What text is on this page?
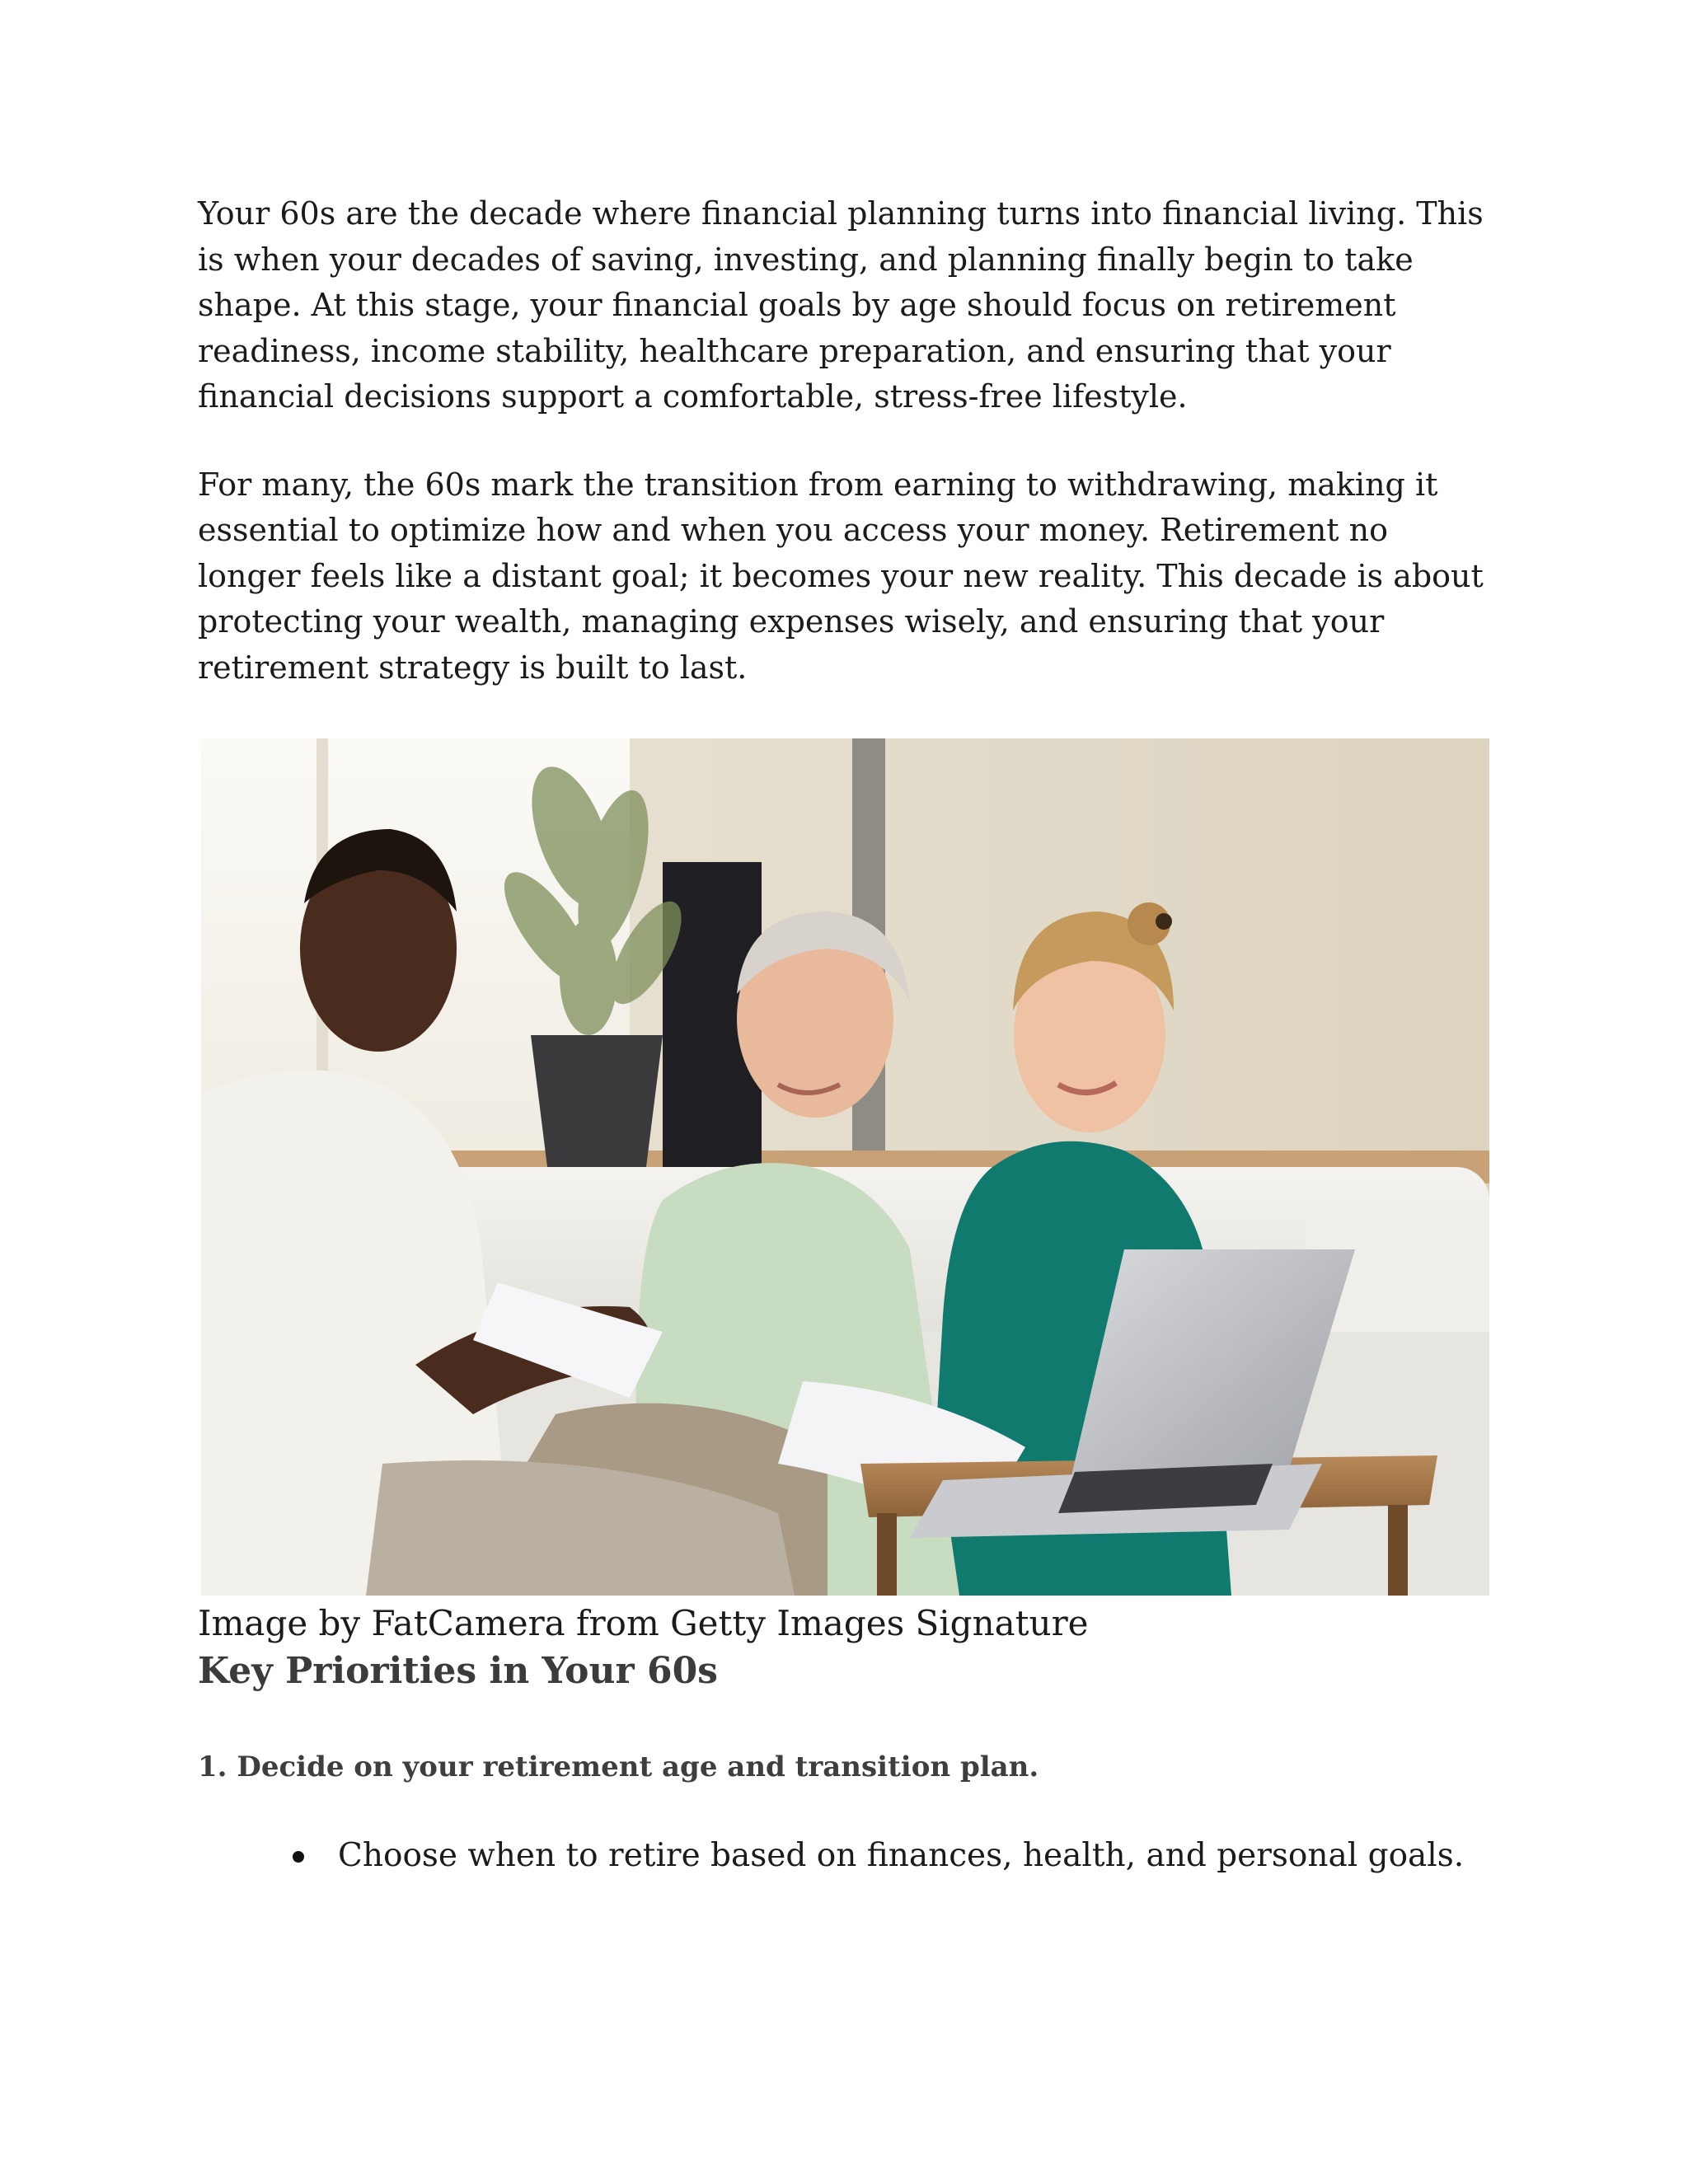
Your 60s are the decade where financial planning turns into financial living. This is when your decades of saving, investing, and planning finally begin to take shape. At this stage, your financial goals by age should focus on retirement readiness, income stability, healthcare preparation, and ensuring that your financial decisions support a comfortable, stress-free lifestyle.

For many, the 60s mark the transition from earning to withdrawing, making it essential to optimize how and when you access your money. Retirement no longer feels like a distant goal; it becomes your new reality. This decade is about protecting your wealth, managing expenses wisely, and ensuring that your retirement strategy is built to last.

Image by FatCamera from Getty Images Signature

Key Priorities in Your 60s
1. Decide on your retirement age and transition plan.
Choose when to retire based on finances, health, and personal goals.
